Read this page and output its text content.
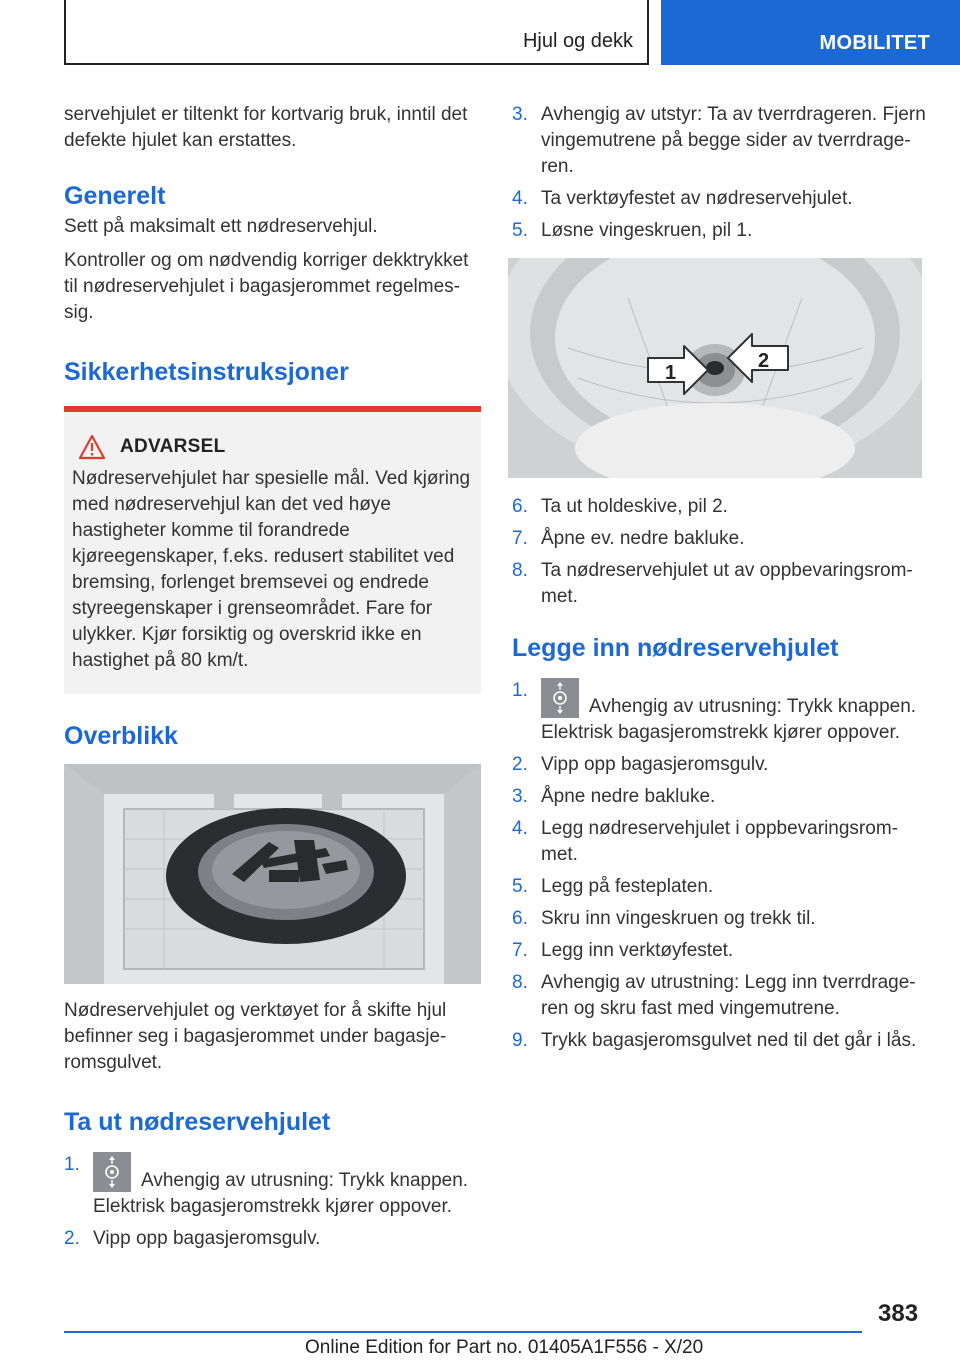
Hjul og dekk	MOBILITET

servehjulet er tiltenkt for kortvarig bruk, inntil det defekte hjulet kan erstattes.

Generelt

Sett på maksimalt ett nødreservehjul.

Kontroller og om nødvendig korriger dekktrykket til nødreservehjulet i bagasjerommet regelmessig.

Sikkerhetsinstruksjoner
ADVARSEL

Nødreservehjulet har spesielle mål. Ved kjøring med nødreservehjul kan det ved høye hastigheter komme til forandrede kjøreegenskaper, f.eks. redusert stabilitet ved bremsing, forlenget bremsevei og endrede styreegenskaper i grenseområdet. Fare for ulykker. Kjør forsiktig og overskrid ikke en hastighet på 80 km/t.

Overblikk

Nødreservehjulet og verktøyet for å skifte hjul befinner seg i bagasjerommet under bagasjeromsgulvet.

Ta ut nødreservehjulet
1.
Avhengig av utrusning: Trykk knappen. Elektrisk bagasjeromstrekk kjører oppover.
2. Vipp opp bagasjeromsgulv.
3. Avhengig av utstyr: Ta av tverrdrageren. Fjern vingemutrene på begge sider av tverrdrageren.
4. Ta verktøyfestet av nødreservehjulet.
5. Løsne vingeskruen, pil 1.
1
2
6. Ta ut holdeskive, pil 2.
7. Åpne ev. nedre bakluke.
8. Ta nødreservehjulet ut av oppbevaringsrommet.
Legge inn nødreservehjulet
1.
Avhengig av utrusning: Trykk knappen. Elektrisk bagasjeromstrekk kjører oppover.
2. Vipp opp bagasjeromsgulv.
3. Åpne nedre bakluke.
4. Legg nødreservehjulet i oppbevaringsrommet.
5. Legg på festeplaten.
6. Skru inn vingeskruen og trekk til.
7. Legg inn verktøyfestet.
8. Avhengig av utrustning: Legg inn tverrdrageren og skru fast med vingemutrene.
9. Trykk bagasjeromsgulvet ned til det går i lås.
383
Online Edition for Part no. 01405A1F556 - X/20
